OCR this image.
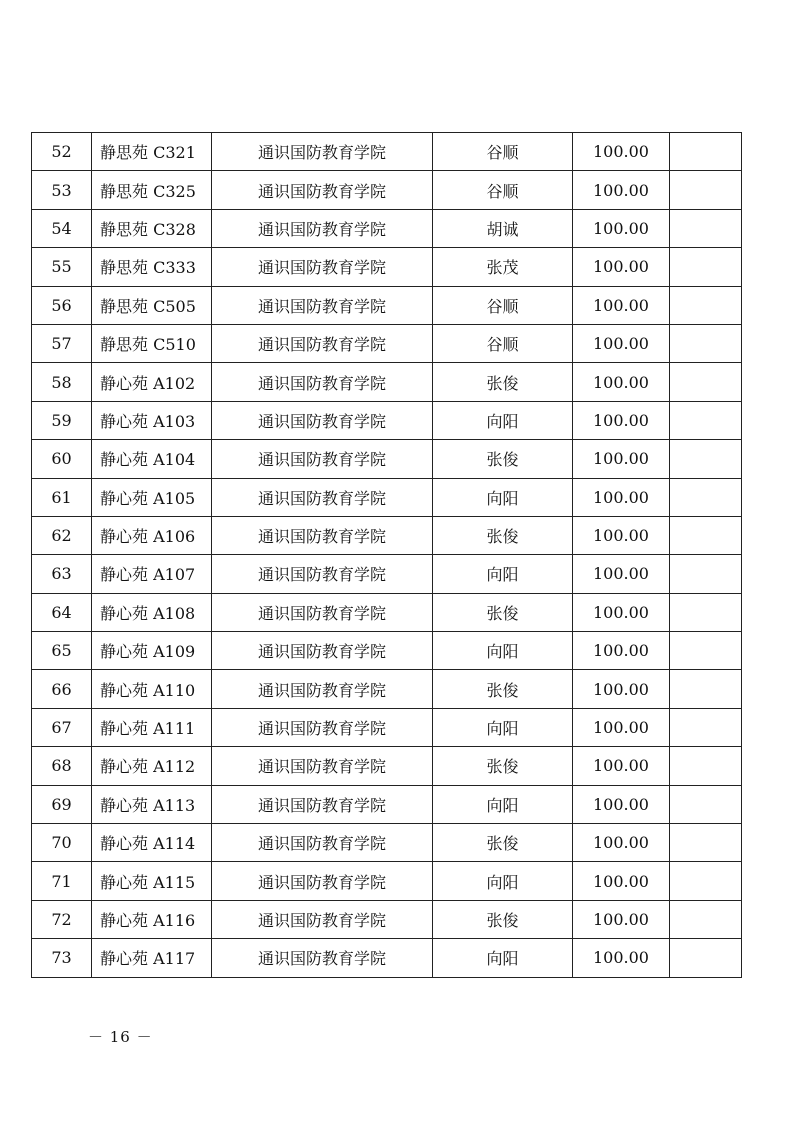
52	静思苑 C321	通识国防教育学院	谷顺	100.00	
53	静思苑 C325	通识国防教育学院	谷顺	100.00	
54	静思苑 C328	通识国防教育学院	胡诚	100.00	
55	静思苑 C333	通识国防教育学院	张茂	100.00	
56	静思苑 C505	通识国防教育学院	谷顺	100.00	
57	静思苑 C510	通识国防教育学院	谷顺	100.00	
58	静心苑 A102	通识国防教育学院	张俊	100.00	
59	静心苑 A103	通识国防教育学院	向阳	100.00	
60	静心苑 A104	通识国防教育学院	张俊	100.00	
61	静心苑 A105	通识国防教育学院	向阳	100.00	
62	静心苑 A106	通识国防教育学院	张俊	100.00	
63	静心苑 A107	通识国防教育学院	向阳	100.00	
64	静心苑 A108	通识国防教育学院	张俊	100.00	
65	静心苑 A109	通识国防教育学院	向阳	100.00	
66	静心苑 A110	通识国防教育学院	张俊	100.00	
67	静心苑 A111	通识国防教育学院	向阳	100.00	
68	静心苑 A112	通识国防教育学院	张俊	100.00	
69	静心苑 A113	通识国防教育学院	向阳	100.00	
70	静心苑 A114	通识国防教育学院	张俊	100.00	
71	静心苑 A115	通识国防教育学院	向阳	100.00	
72	静心苑 A116	通识国防教育学院	张俊	100.00	
73	静心苑 A117	通识国防教育学院	向阳	100.00	
－ 16 －
